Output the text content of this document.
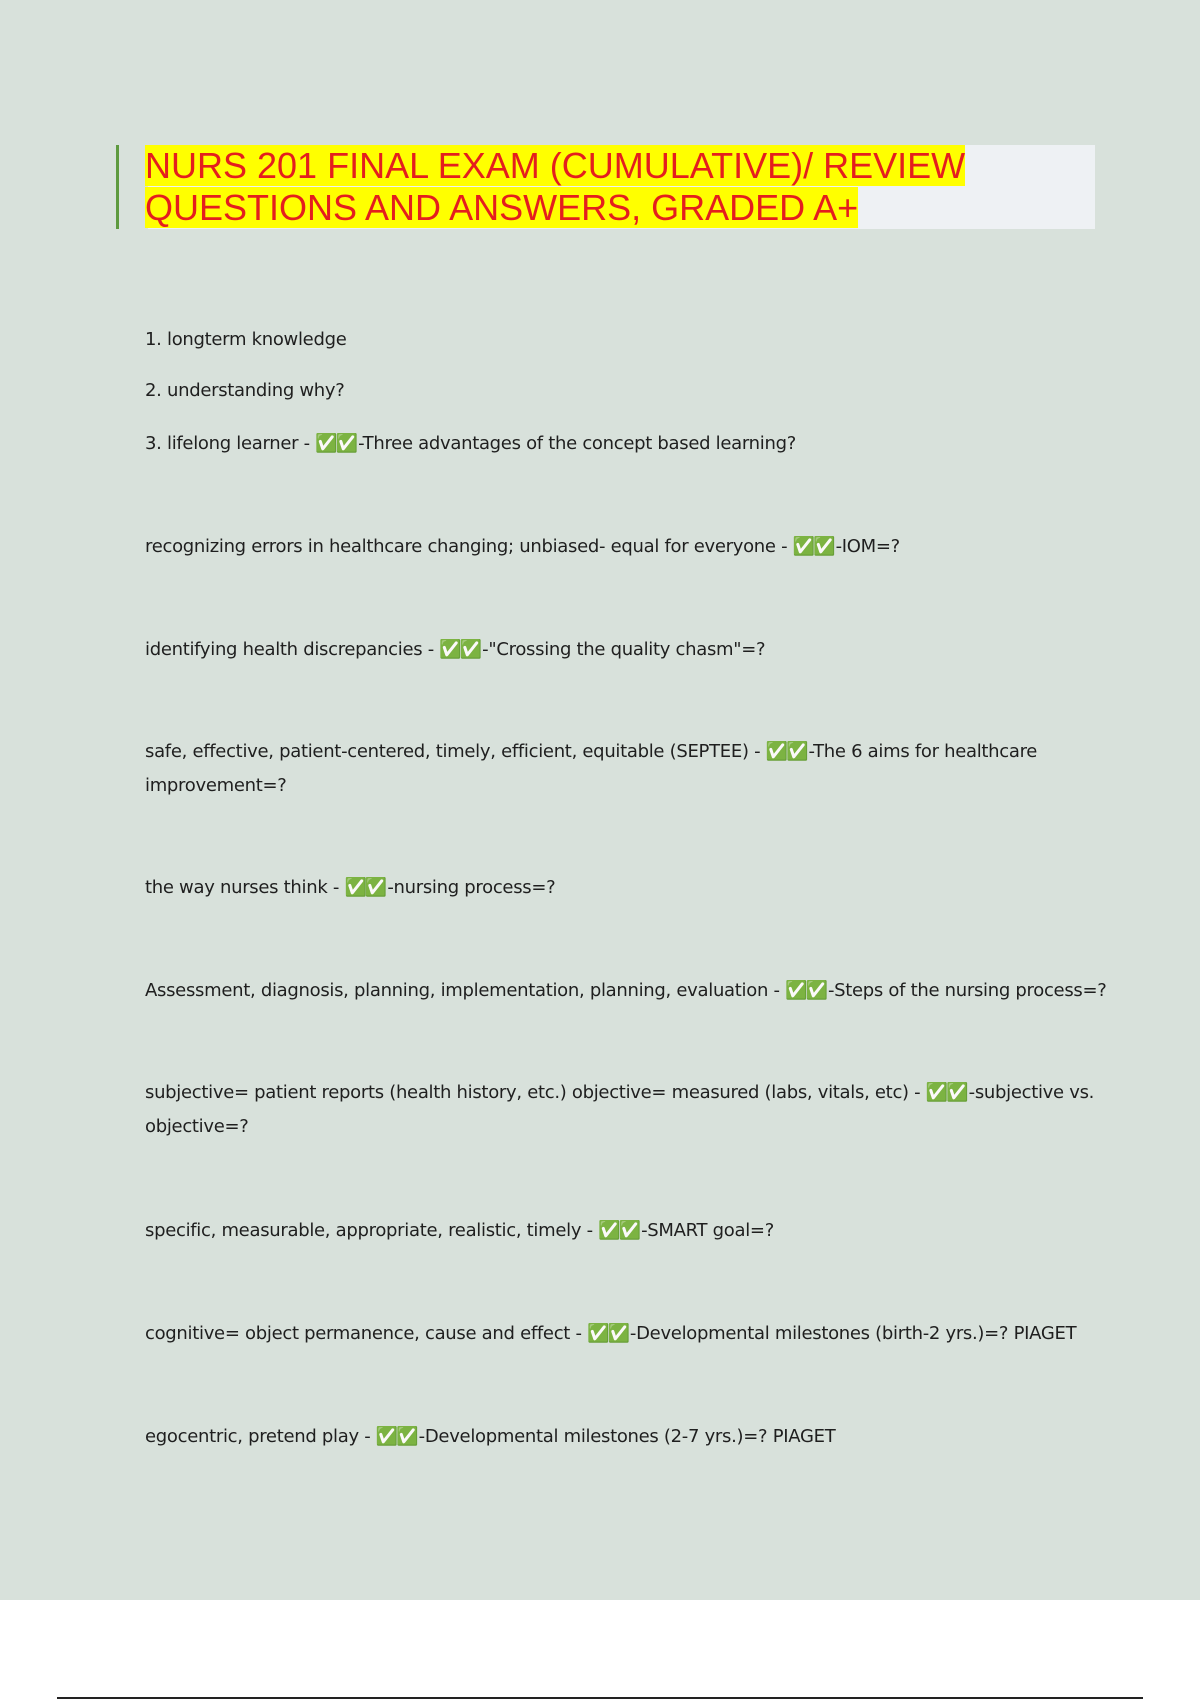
NURS 201 FINAL EXAM (CUMULATIVE)/ REVIEW
QUESTIONS AND ANSWERS, GRADED A+

1. longterm knowledge

2. understanding why?

3. lifelong learner - ✅✅ -Three advantages of the concept based learning?

recognizing errors in healthcare changing; unbiased- equal for everyone - ✅✅ -IOM=?

identifying health discrepancies - ✅✅ -"Crossing the quality chasm"=?

safe, effective, patient-centered, timely, efficient, equitable (SEPTEE) - ✅✅ -The 6 aims for healthcare improvement=?

the way nurses think - ✅✅ -nursing process=?

Assessment, diagnosis, planning, implementation, planning, evaluation - ✅✅ -Steps of the nursing process=?

subjective= patient reports (health history, etc.) objective= measured (labs, vitals, etc) - ✅✅ -subjective vs. objective=?

specific, measurable, appropriate, realistic, timely - ✅✅ -SMART goal=?

cognitive= object permanence, cause and effect - ✅✅ -Developmental milestones (birth-2 yrs.)=? PIAGET

egocentric, pretend play - ✅✅ -Developmental milestones (2-7 yrs.)=? PIAGET
